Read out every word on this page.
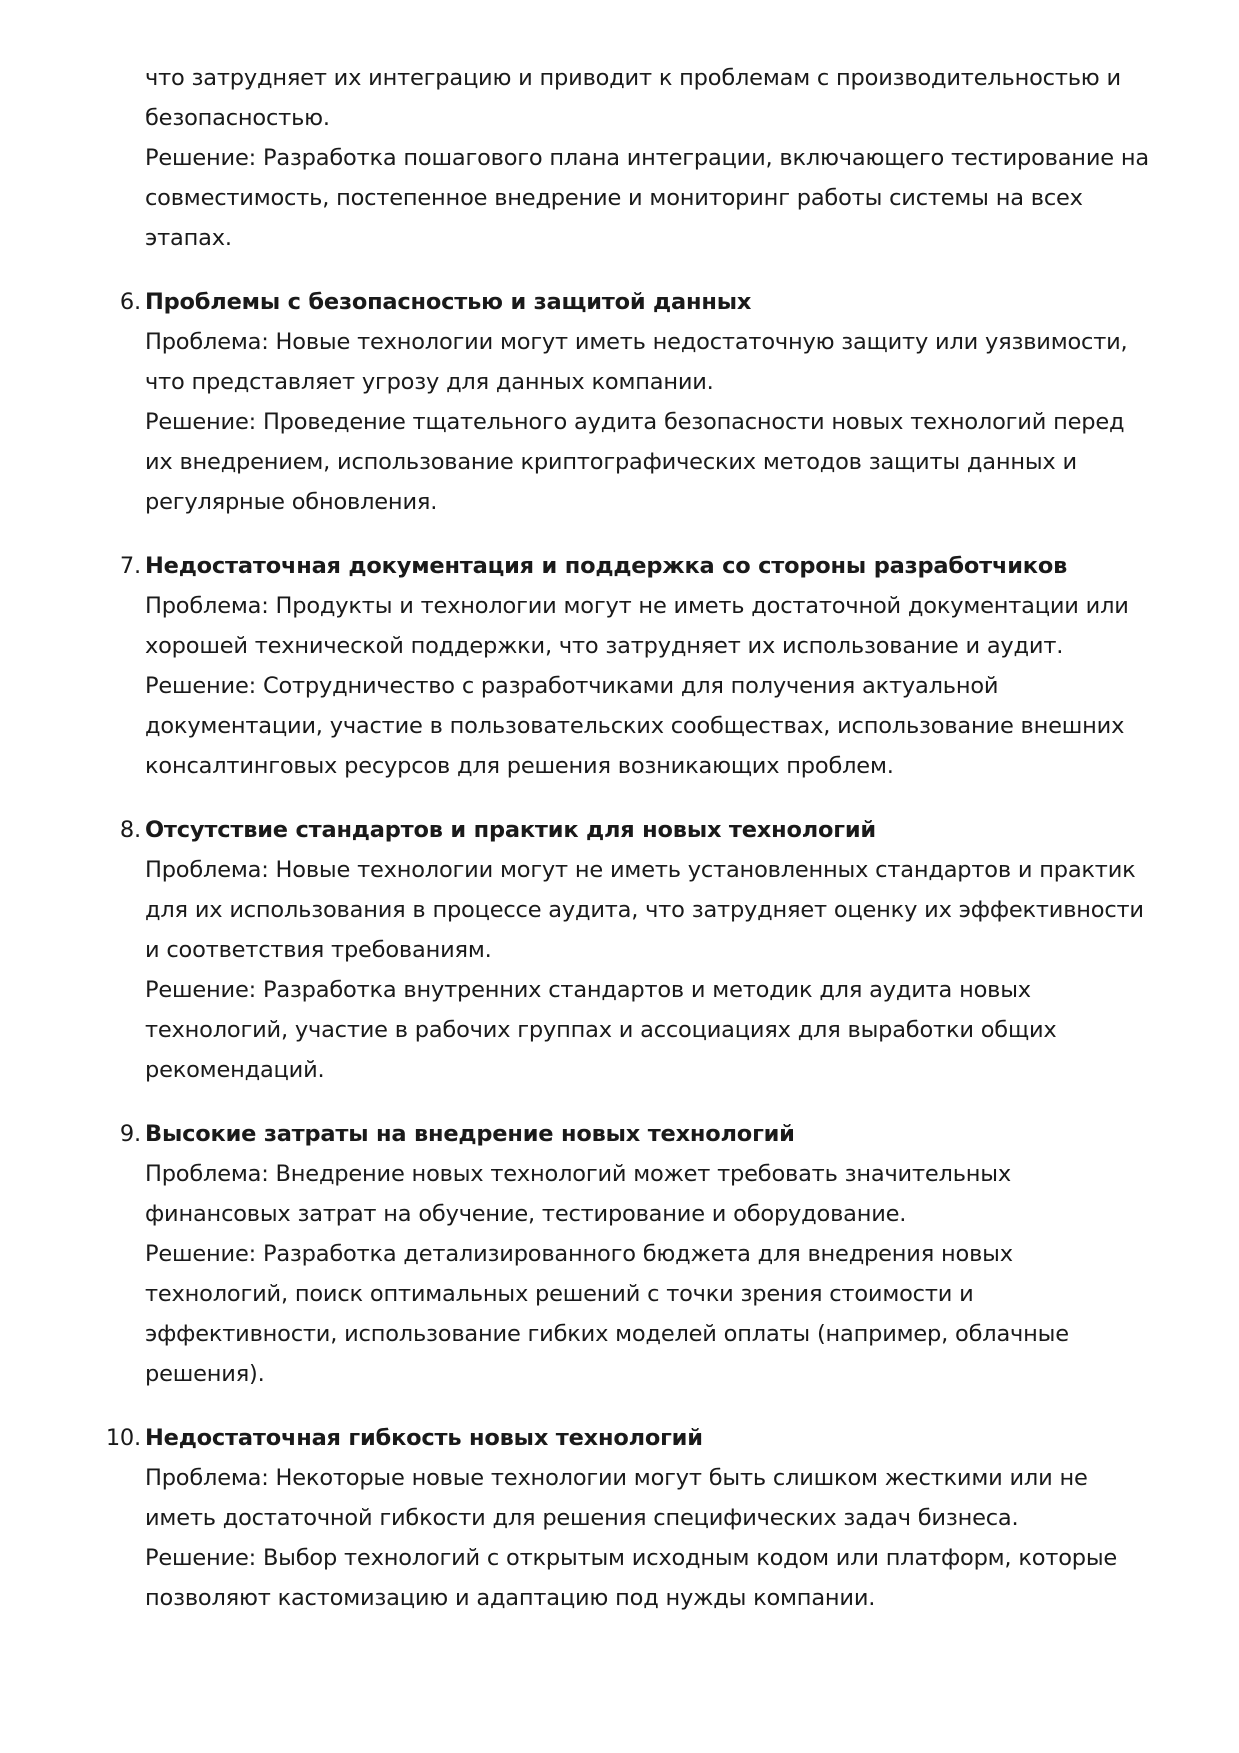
что затрудняет их интеграцию и приводит к проблемам с производительностью и безопасностью.

Решение: Разработка пошагового плана интеграции, включающего тестирование на совместимость, постепенное внедрение и мониторинг работы системы на всех этапах.

6. Проблемы с безопасностью и защитой данных

Проблема: Новые технологии могут иметь недостаточную защиту или уязвимости, что представляет угрозу для данных компании.

Решение: Проведение тщательного аудита безопасности новых технологий перед их внедрением, использование криптографических методов защиты данных и регулярные обновления.

7. Недостаточная документация и поддержка со стороны разработчиков

Проблема: Продукты и технологии могут не иметь достаточной документации или хорошей технической поддержки, что затрудняет их использование и аудит.

Решение: Сотрудничество с разработчиками для получения актуальной документации, участие в пользовательских сообществах, использование внешних консалтинговых ресурсов для решения возникающих проблем.

8. Отсутствие стандартов и практик для новых технологий

Проблема: Новые технологии могут не иметь установленных стандартов и практик для их использования в процессе аудита, что затрудняет оценку их эффективности и соответствия требованиям.

Решение: Разработка внутренних стандартов и методик для аудита новых технологий, участие в рабочих группах и ассоциациях для выработки общих рекомендаций.

9. Высокие затраты на внедрение новых технологий

Проблема: Внедрение новых технологий может требовать значительных финансовых затрат на обучение, тестирование и оборудование.

Решение: Разработка детализированного бюджета для внедрения новых технологий, поиск оптимальных решений с точки зрения стоимости и эффективности, использование гибких моделей оплаты (например, облачные решения).

10. Недостаточная гибкость новых технологий

Проблема: Некоторые новые технологии могут быть слишком жесткими или не иметь достаточной гибкости для решения специфических задач бизнеса.

Решение: Выбор технологий с открытым исходным кодом или платформ, которые позволяют кастомизацию и адаптацию под нужды компании.
